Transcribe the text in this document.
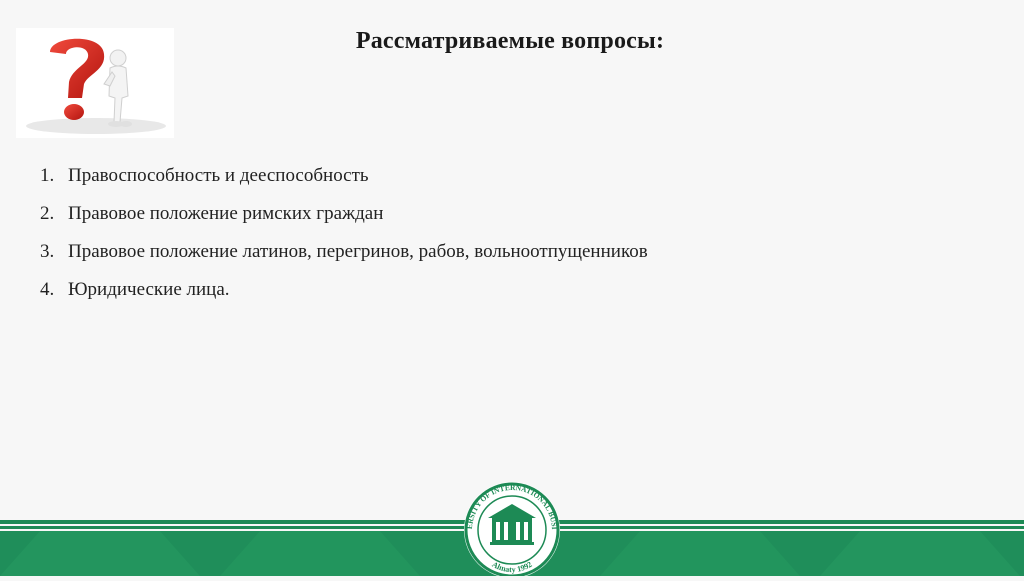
Рассматриваемые вопросы:
1. Правоспособность и дееспособность
2. Правовое положение римских граждан
3. Правовое положение латинов, перегринов, рабов, вольноотпущенников
4. Юридические лица.
ERSITY OF INTERNATIONAL BUSI
Almaty 1992
